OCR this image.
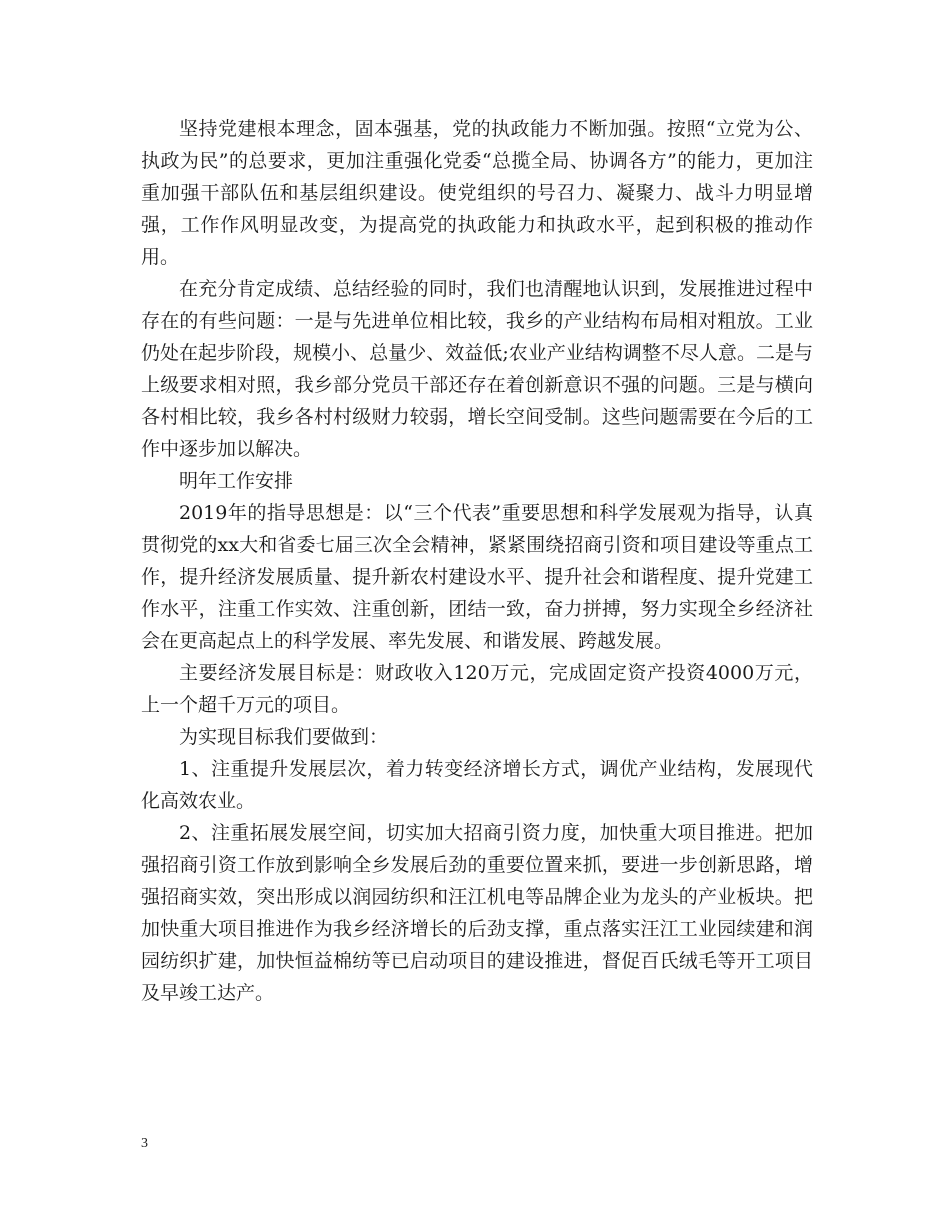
坚持党建根本理念，固本强基，党的执政能力不断加强。按照“立党为公、执政为民”的总要求，更加注重强化党委“总揽全局、协调各方”的能力，更加注重加强干部队伍和基层组织建设。使党组织的号召力、凝聚力、战斗力明显增强，工作作风明显改变，为提高党的执政能力和执政水平，起到积极的推动作用。

在充分肯定成绩、总结经验的同时，我们也清醒地认识到，发展推进过程中存在的有些问题：一是与先进单位相比较，我乡的产业结构布局相对粗放。工业仍处在起步阶段，规模小、总量少、效益低;农业产业结构调整不尽人意。二是与上级要求相对照，我乡部分党员干部还存在着创新意识不强的问题。三是与横向各村相比较，我乡各村村级财力较弱，增长空间受制。这些问题需要在今后的工作中逐步加以解决。

明年工作安排

2019年的指导思想是：以“三个代表”重要思想和科学发展观为指导，认真贯彻党的xx大和省委七届三次全会精神，紧紧围绕招商引资和项目建设等重点工作，提升经济发展质量、提升新农村建设水平、提升社会和谐程度、提升党建工作水平，注重工作实效、注重创新，团结一致，奋力拼搏，努力实现全乡经济社会在更高起点上的科学发展、率先发展、和谐发展、跨越发展。

主要经济发展目标是：财政收入120万元，完成固定资产投资4000万元，上一个超千万元的项目。

为实现目标我们要做到：

1、注重提升发展层次，着力转变经济增长方式，调优产业结构，发展现代化高效农业。

2、注重拓展发展空间，切实加大招商引资力度，加快重大项目推进。把加强招商引资工作放到影响全乡发展后劲的重要位置来抓，要进一步创新思路，增强招商实效，突出形成以润园纺织和汪江机电等品牌企业为龙头的产业板块。把加快重大项目推进作为我乡经济增长的后劲支撑，重点落实汪江工业园续建和润园纺织扩建，加快恒益棉纺等已启动项目的建设推进，督促百氏绒毛等开工项目及早竣工达产。

3
